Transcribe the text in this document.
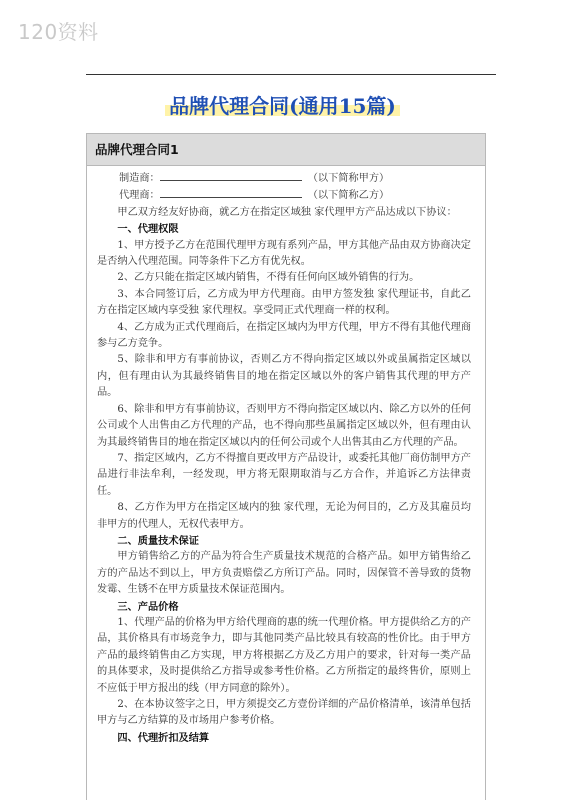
120资料
品牌代理合同(通用15篇)
品牌代理合同1

制造商：	（以下简称甲方）

代理商：	（以下简称乙方）

甲乙双方经友好协商，就乙方在指定区域独 家代理甲方产品达成以下协议：

一、代理权限

1、甲方授予乙方在范围代理甲方现有系列产品，甲方其他产品由双方协商决定是否纳入代理范围。同等条件下乙方有优先权。

2、乙方只能在指定区域内销售，不得有任何向区域外销售的行为。

3、本合同签订后，乙方成为甲方代理商。由甲方签发独 家代理证书，自此乙方在指定区域内享受独 家代理权。享受同正式代理商一样的权利。

4、乙方成为正式代理商后，在指定区域内为甲方代理，甲方不得有其他代理商参与乙方竞争。

5、除非和甲方有事前协议，否则乙方不得向指定区域以外或虽属指定区域以内，但有理由认为其最终销售目的地在指定区域以外的客户销售其代理的甲方产品。

6、除非和甲方有事前协议，否则甲方不得向指定区域以内、除乙方以外的任何公司或个人出售由乙方代理的产品，也不得向那些虽属指定区域以外，但有理由认为其最终销售目的地在指定区域以内的任何公司或个人出售其由乙方代理的产品。

7、指定区域内，乙方不得擅自更改甲方产品设计，或委托其他厂商仿制甲方产品进行非法牟利，一经发现，甲方将无限期取消与乙方合作，并追诉乙方法律责任。

8、乙方作为甲方在指定区域内的独 家代理，无论为何目的，乙方及其雇员均非甲方的代理人，无权代表甲方。

二、质量技术保证

甲方销售给乙方的产品为符合生产质量技术规范的合格产品。如甲方销售给乙方的产品达不到以上，甲方负责赔偿乙方所订产品。同时，因保管不善导致的货物发霉、生锈不在甲方质量技术保证范围内。

三、产品价格

1、代理产品的价格为甲方给代理商的惠的统一代理价格。甲方提供给乙方的产品，其价格具有市场竞争力，即与其他同类产品比较具有较高的性价比。由于甲方产品的最终销售由乙方实现，甲方将根据乙方及乙方用户的要求，针对每一类产品的具体要求，及时提供给乙方指导或参考性价格。乙方所指定的最终售价，原则上不应低于甲方报出的线（甲方同意的除外）。

2、在本协议签字之日，甲方须提交乙方壹份详细的产品价格清单，该清单包括甲方与乙方结算的及市场用户参考价格。

四、代理折扣及结算
